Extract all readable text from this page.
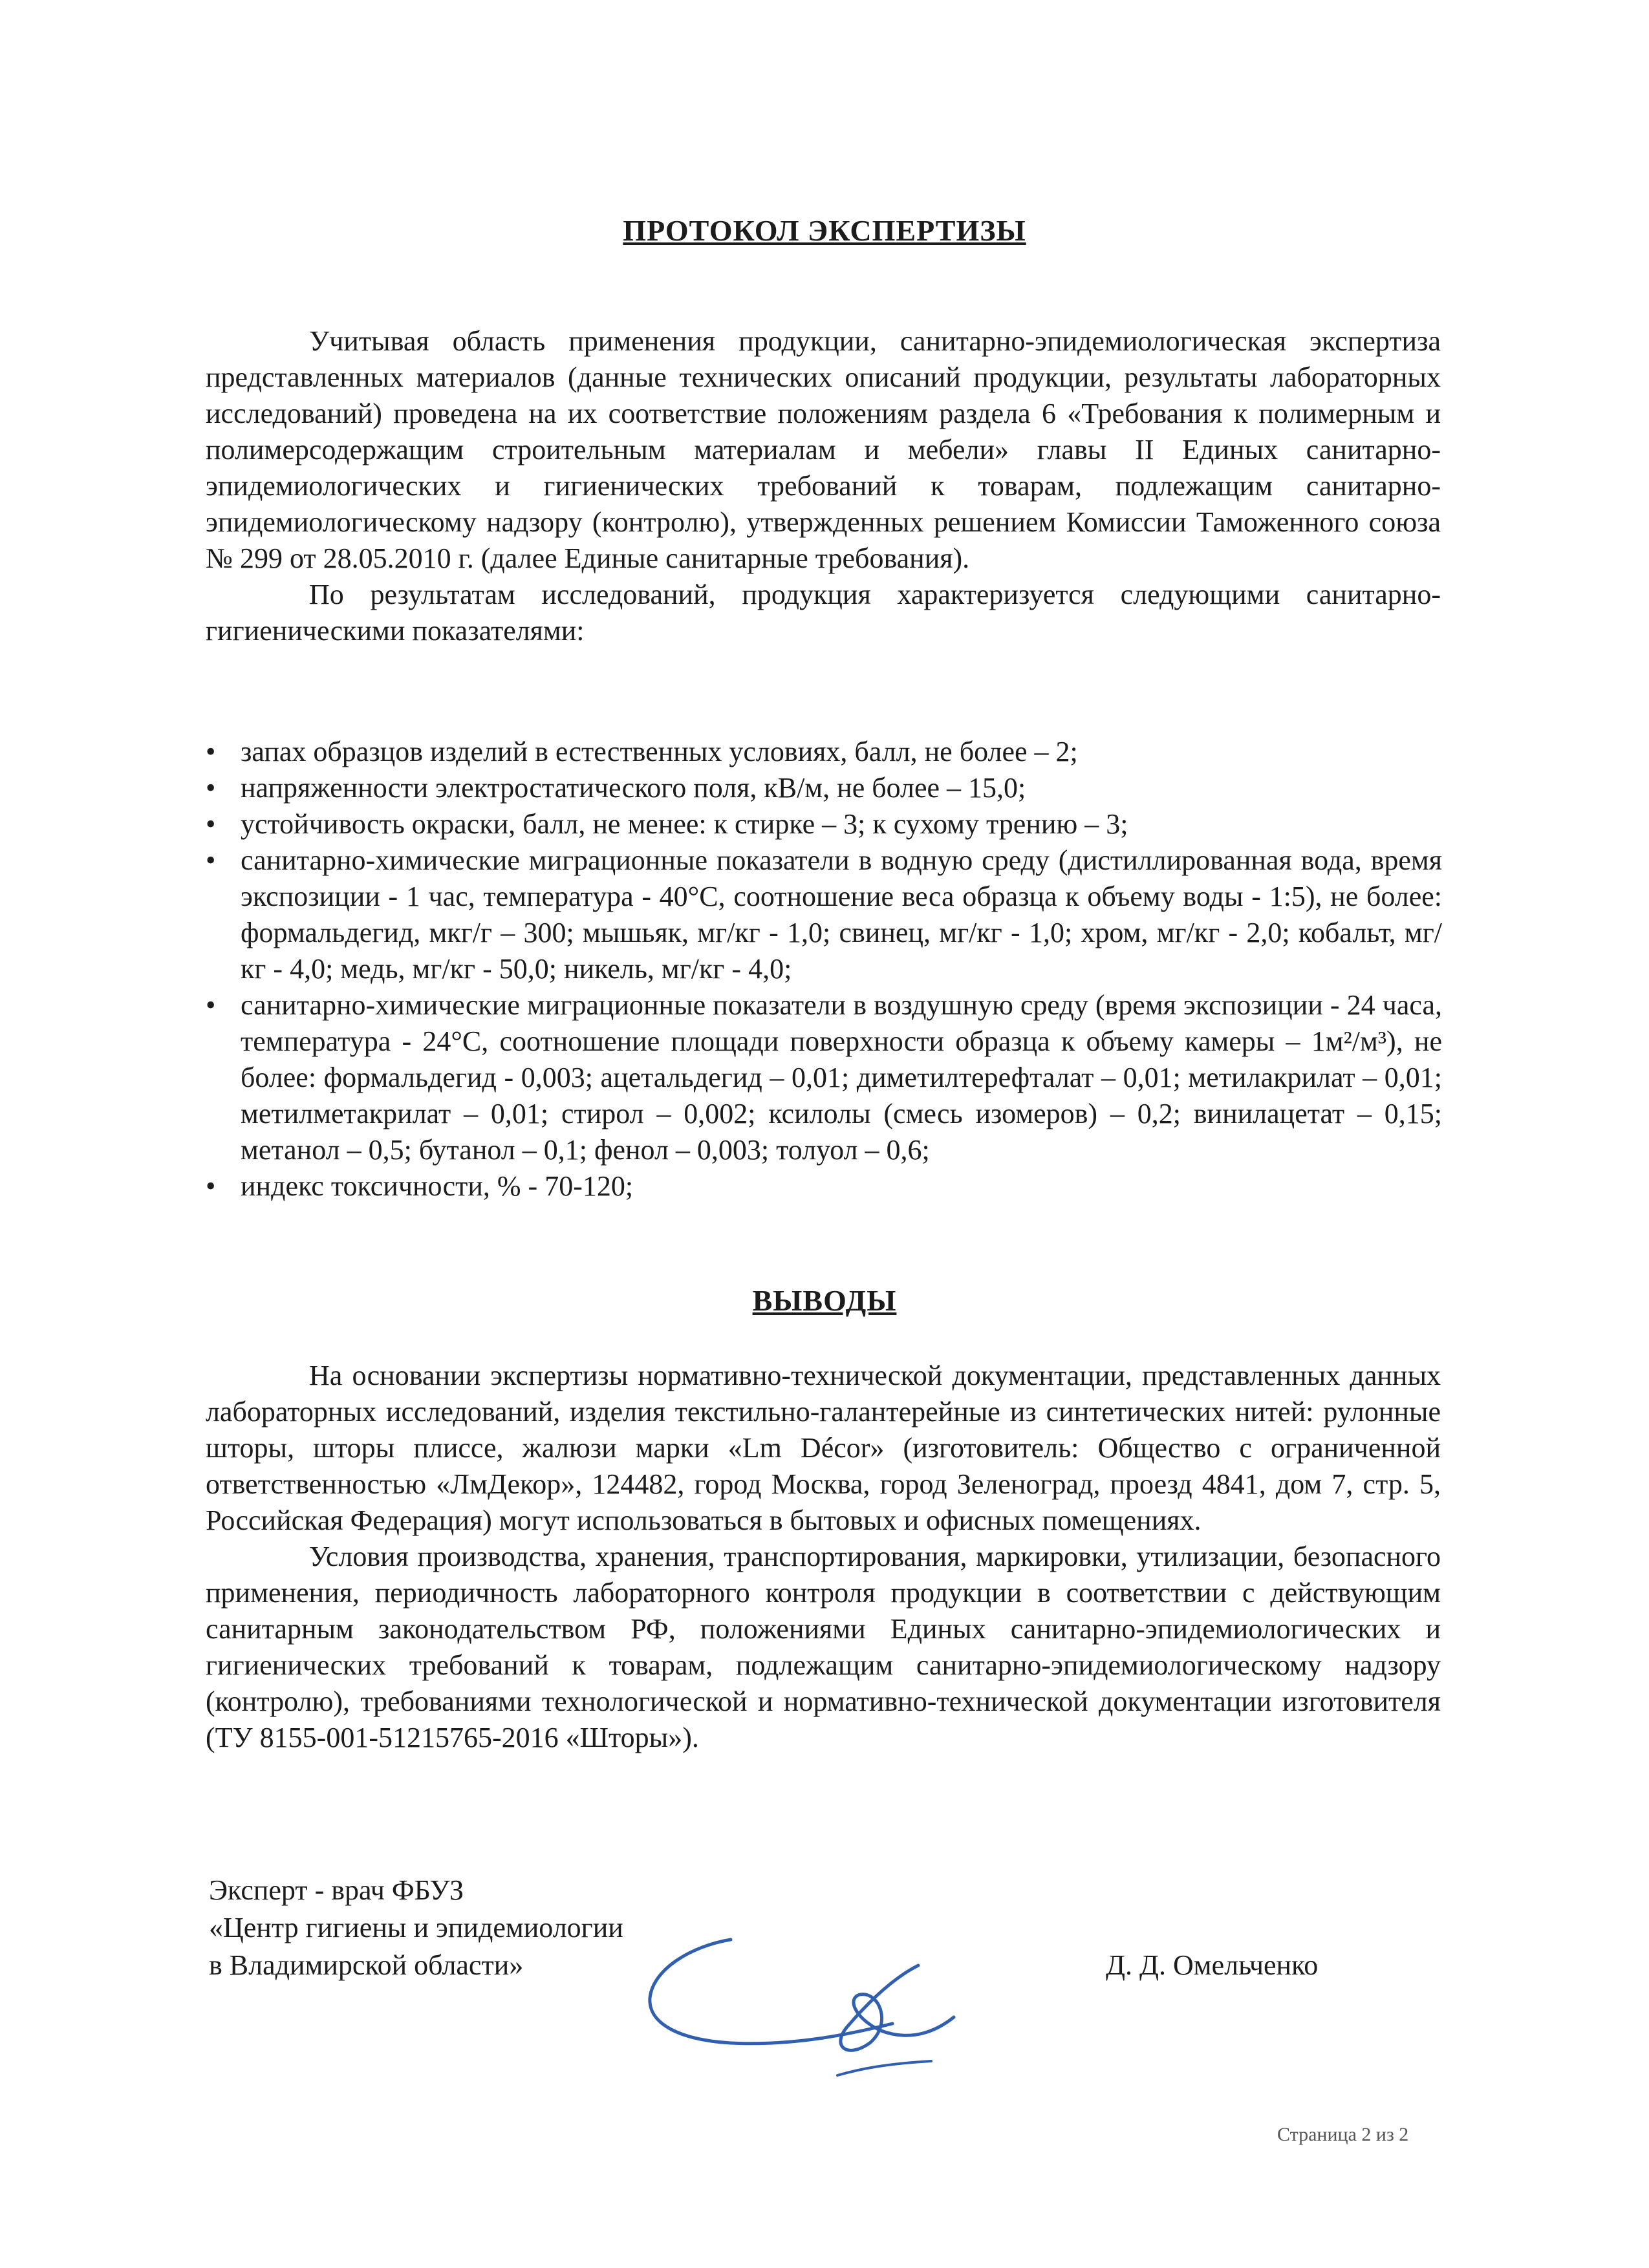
ПРОТОКОЛ ЭКСПЕРТИЗЫ

Учитывая область применения продукции, санитарно-эпидемиологическая экспертиза представленных материалов (данные технических описаний продукции, результаты лабораторных исследований) проведена на их соответствие положениям раздела 6 «Требования к полимерным и полимерсодержащим строительным материалам и мебели» главы II Единых санитарно-эпидемиологических и гигиенических требований к товарам, подлежащим санитарно-эпидемиологическому надзору (контролю), утвержденных решением Комиссии Таможенного союза № 299 от 28.05.2010 г. (далее Единые санитарные требования).

По результатам исследований, продукция характеризуется следующими санитарно-гигиеническими показателями:

• запах образцов изделий в естественных условиях, балл, не более – 2;
• напряженности электростатического поля, кВ/м, не более – 15,0;
• устойчивость окраски, балл, не менее: к стирке – 3; к сухому трению – 3;
• санитарно-химические миграционные показатели в водную среду (дистиллированная вода, время экспозиции - 1 час, температура - 40°С, соотношение веса образца к объему воды - 1:5), не более: формальдегид, мкг/г – 300; мышьяк, мг/кг - 1,0; свинец, мг/кг - 1,0; хром, мг/кг - 2,0; кобальт, мг/кг - 4,0; медь, мг/кг - 50,0; никель, мг/кг - 4,0;
• санитарно-химические миграционные показатели в воздушную среду (время экспозиции - 24 часа, температура - 24°С, соотношение площади поверхности образца к объему камеры – 1м²/м³), не более: формальдегид - 0,003; ацетальдегид – 0,01; диметилтерефталат – 0,01; метилакрилат – 0,01; метилметакрилат – 0,01; стирол – 0,002; ксилолы (смесь изомеров) – 0,2; винилацетат – 0,15; метанол – 0,5; бутанол – 0,1; фенол – 0,003; толуол – 0,6;
• индекс токсичности, % - 70-120;
ВЫВОДЫ

На основании экспертизы нормативно-технической документации, представленных данных лабораторных исследований, изделия текстильно-галантерейные из синтетических нитей: рулонные шторы, шторы плиссе, жалюзи марки «Lm Décor» (изготовитель: Общество с ограниченной ответственностью «ЛмДекор», 124482, город Москва, город Зеленоград, проезд 4841, дом 7, стр. 5, Российская Федерация) могут использоваться в бытовых и офисных помещениях.

Условия производства, хранения, транспортирования, маркировки, утилизации, безопасного применения, периодичность лабораторного контроля продукции в соответствии с действующим санитарным законодательством РФ, положениями Единых санитарно-эпидемиологических и гигиенических требований к товарам, подлежащим санитарно-эпидемиологическому надзору (контролю), требованиями технологической и нормативно-технической документации изготовителя (ТУ 8155-001-51215765-2016 «Шторы»).

Эксперт - врач ФБУЗ
«Центр гигиены и эпидемиологии
в Владимирской области»	Д. Д. Омельченко
Страница 2 из 2
